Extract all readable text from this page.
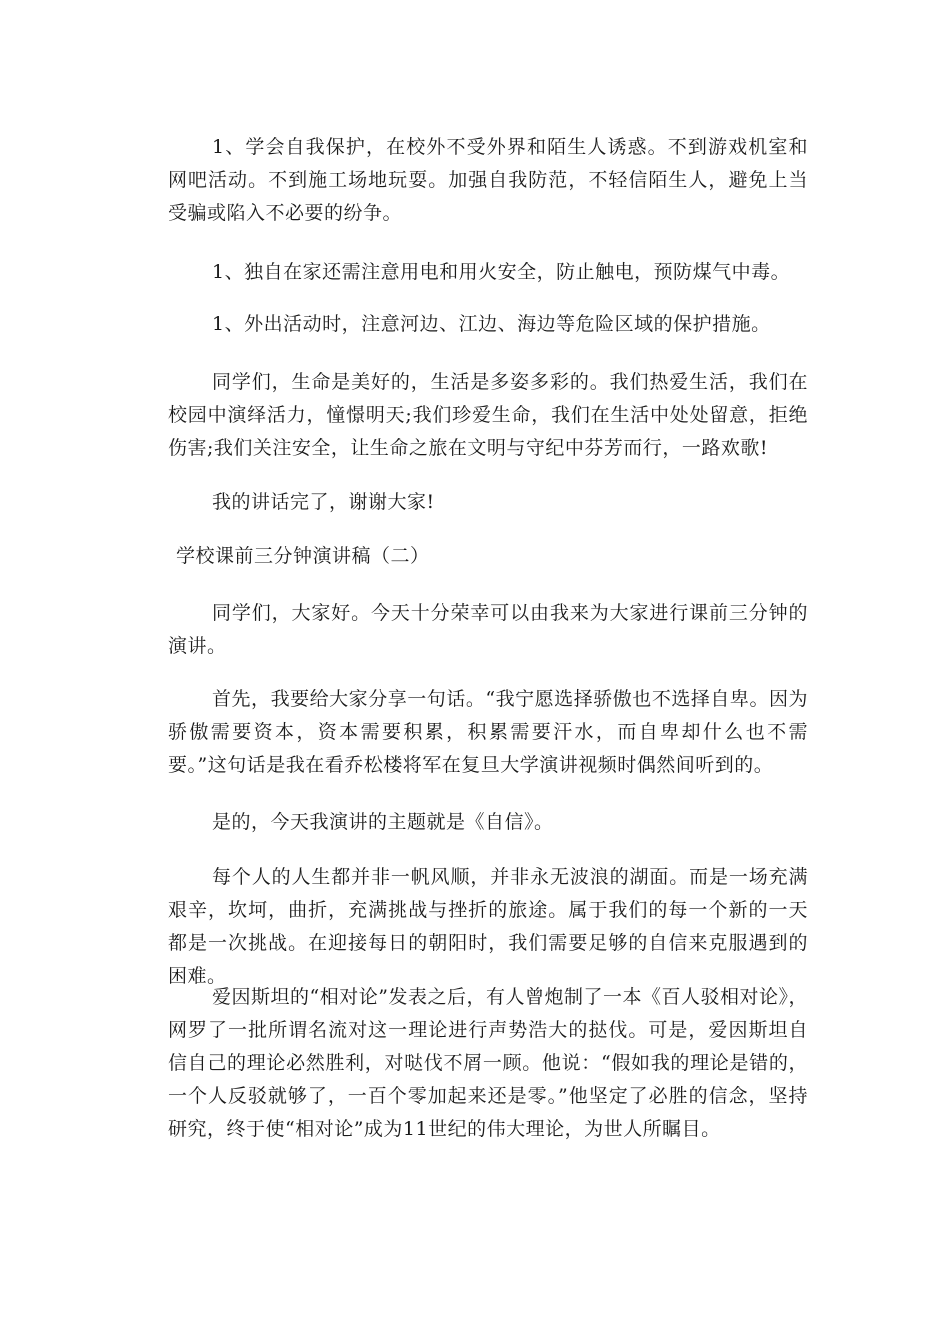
1、学会自我保护，在校外不受外界和陌生人诱惑。不到游戏机室和网吧活动。不到施工场地玩耍。加强自我防范，不轻信陌生人，避免上当受骗或陷入不必要的纷争。

1、独自在家还需注意用电和用火安全，防止触电，预防煤气中毒。

1、外出活动时，注意河边、江边、海边等危险区域的保护措施。

同学们，生命是美好的，生活是多姿多彩的。我们热爱生活，我们在校园中演绎活力，憧憬明天;我们珍爱生命，我们在生活中处处留意，拒绝伤害;我们关注安全，让生命之旅在文明与守纪中芬芳而行，一路欢歌!

我的讲话完了，谢谢大家!

学校课前三分钟演讲稿（二）

同学们，大家好。今天十分荣幸可以由我来为大家进行课前三分钟的演讲。

首先，我要给大家分享一句话。“我宁愿选择骄傲也不选择自卑。因为骄傲需要资本，资本需要积累，积累需要汗水，而自卑却什么也不需要。”这句话是我在看乔松楼将军在复旦大学演讲视频时偶然间听到的。

是的，今天我演讲的主题就是《自信》。

每个人的人生都并非一帆风顺，并非永无波浪的湖面。而是一场充满艰辛，坎坷，曲折，充满挑战与挫折的旅途。属于我们的每一个新的一天都是一次挑战。在迎接每日的朝阳时，我们需要足够的自信来克服遇到的困难。

爱因斯坦的“相对论”发表之后，有人曾炮制了一本《百人驳相对论》，网罗了一批所谓名流对这一理论进行声势浩大的挞伐。可是，爱因斯坦自信自己的理论必然胜利，对哒伐不屑一顾。他说：“假如我的理论是错的，一个人反驳就够了，一百个零加起来还是零。”他坚定了必胜的信念，坚持研究，终于使“相对论”成为11世纪的伟大理论，为世人所瞩目。
